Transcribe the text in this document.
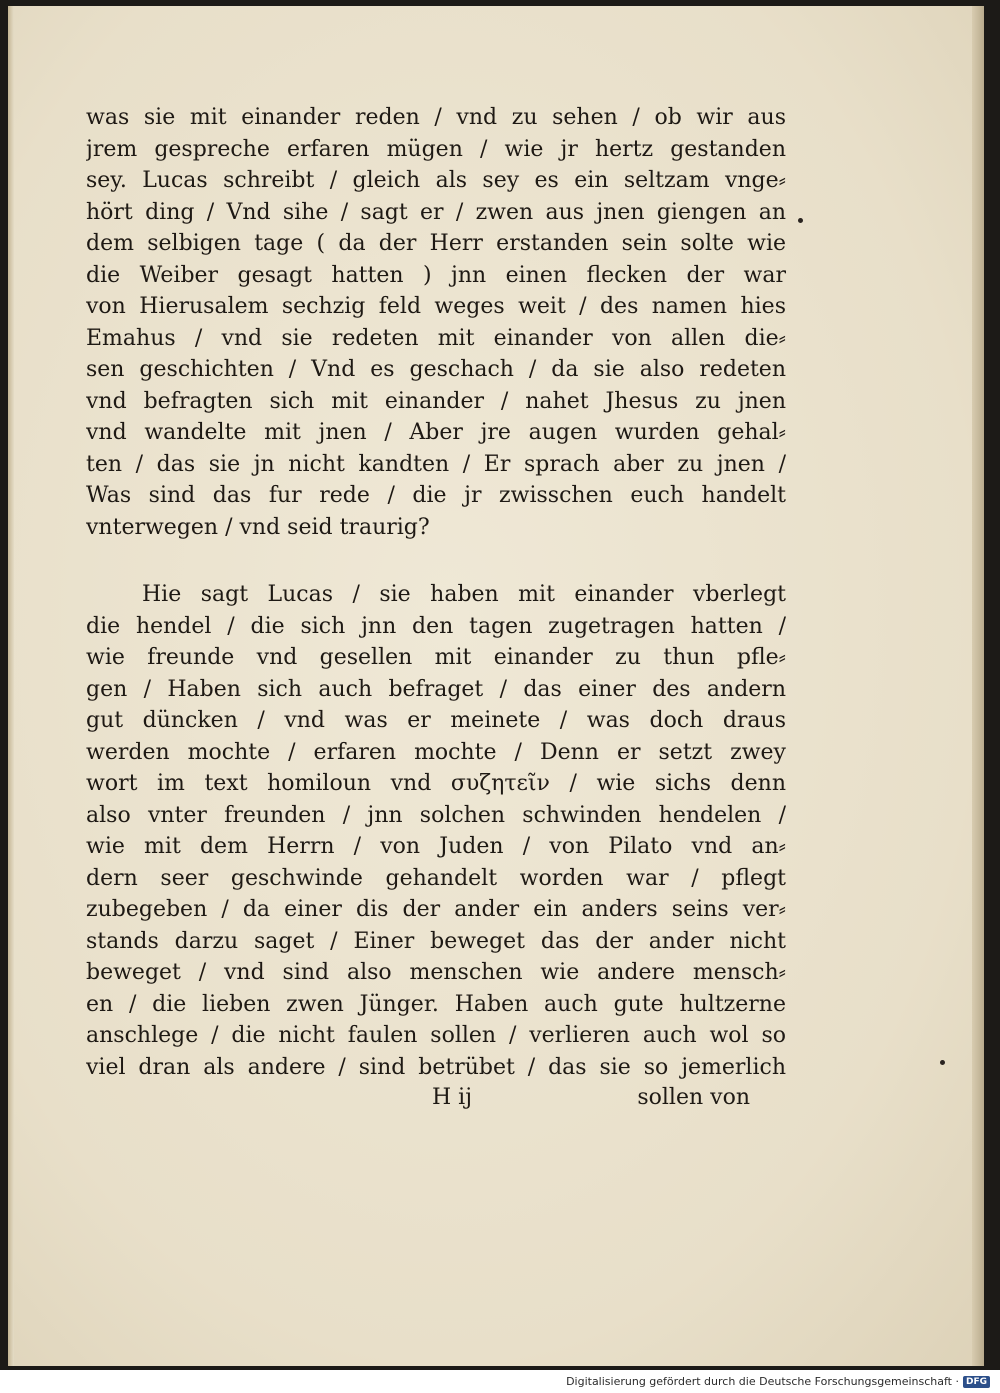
was sie mit einander reden / vnd zu sehen / ob wir aus
jrem gesprechе erfaren mügen / wie jr hertz gestanden
sey. Lucas schreibt / gleich als sey es ein seltzam vnge⸗
hört ding / Vnd sihe / sagt er / zwen aus jnen giengen an
dem selbigen tage ( da der Herr erstanden sein solte wie
die Weiber gesagt hatten ) jnn einen flecken der war
von Hierusalem sechzig feld weges weit / des namen hies
Emahus / vnd sie redeten mit einander von allen die⸗
sen geschichten / Vnd es geschach / da sie also redeten
vnd befragten sich mit einander / nahet Jhesus zu jnen
vnd wandelte mit jnen / Aber jre augen wurden gehal⸗
ten / das sie jn nicht kandten / Er sprach aber zu jnen /
Was sind das fur rede / die jr zwisschen euch handelt
vnterwegen / vnd seid traurig?
Hie sagt Lucas / sie haben mit einander vberlegt
die hendel / die sich jnn den tagen zugetragen hatten /
wie freunde vnd gesellen mit einander zu thun pfle⸗
gen / Haben sich auch befraget / das einer des andern
gut düncken / vnd was er meinete / was doch draus
werden mochte / erfaren mochte / Denn er setzt zwey
wort im text homiloun vnd συζητεῖν / wie sichs denn
also vnter freunden / jnn solchen schwinden hendelen /
wie mit dem Herrn / von Juden / von Pilato vnd an⸗
dern seer geschwinde gehandelt worden war / pflegt
zubegeben / da einer dis der ander ein anders seins ver⸗
stands darzu saget / Einer beweget das der ander nicht
beweget / vnd sind also menschen wie andere mensch⸗
en / die lieben zwen Jünger. Haben auch gute hultzerne
anschlege / die nicht faulen sollen / verlieren auch wol so
viel dran als andere / sind betrübet / das sie so jemerlich
H ij	sollen von
Digitalisierung gefördert durch die Deutsche Forschungsgemeinschaft · DFG
